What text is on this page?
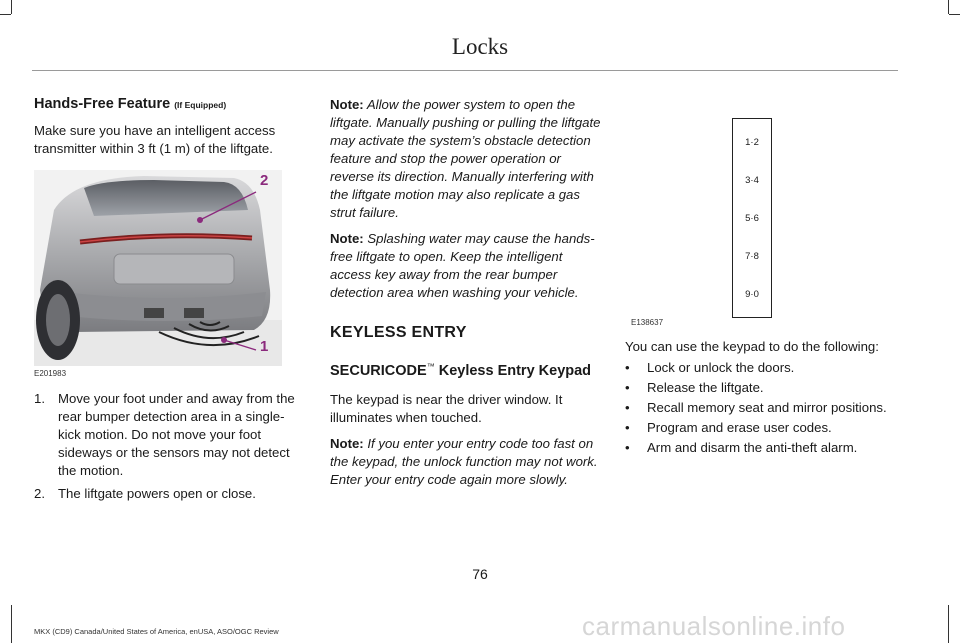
Locks
Hands-Free Feature (If Equipped)

Make sure you have an intelligent access transmitter within 3 ft (1 m) of the liftgate.

2
1
E201983
1. Move your foot under and away from the rear bumper detection area in a single-kick motion. Do not move your foot sideways or the sensors may not detect the motion.
2. The liftgate powers open or close.

Note: Allow the power system to open the liftgate. Manually pushing or pulling the liftgate may activate the system’s obstacle detection feature and stop the power operation or reverse its direction. Manually interfering with the liftgate motion may also replicate a gas strut failure.

Note: Splashing water may cause the hands-free liftgate to open. Keep the intelligent access key away from the rear bumper detection area when washing your vehicle.

KEYLESS ENTRY
SECURICODE™ Keyless Entry Keypad

The keypad is near the driver window. It illuminates when touched.

Note: If you enter your entry code too fast on the keypad, the unlock function may not work. Enter your entry code again more slowly.

1·2
3·4
5·6
7·8
9·0
E138637

You can use the keypad to do the following:

• Lock or unlock the doors.
• Release the liftgate.
• Recall memory seat and mirror positions.
• Program and erase user codes.
• Arm and disarm the anti-theft alarm.
76
MKX (CD9) Canada/United States of America, enUSA, ASO/OGC Review	carmanualsonline.info
